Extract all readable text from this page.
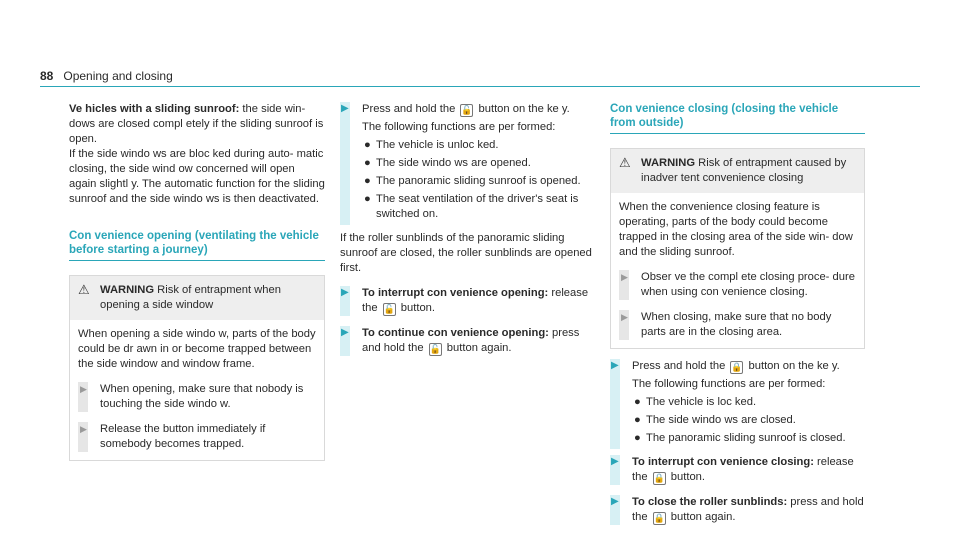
88 Opening and closing

Ve hicles with a sliding sunroof: the side win‐ dows are closed compl etely if the sliding sunroof is open.

If the side windo ws are bloc ked during auto‐ matic closing, the side wind ow concerned will open again slightl y. The automatic function for the sliding sunroof and the side windo ws is then deactivated.

Con venience opening (ventilating the vehicle before starting a journey)
⚠ WARNING Risk of entrapment when opening a side window

When opening a side windo w, parts of the body could be dr awn in or become trapped between the side window and window frame.

▶ When opening, make sure that nobody is touching the side windo w.
▶ Release the button immediately if somebody becomes trapped.
▶ Press and hold the 🔓 button on the ke y.

The following functions are per formed:

● The vehicle is unloc ked.
● The side windo ws are opened.
● The panoramic sliding sunroof is opened.
● The seat ventilation of the driver's seat is switched on.

If the roller sunblinds of the panoramic sliding sunroof are closed, the roller sunblinds are opened first.

▶ To interrupt con venience opening: release the 🔓 button.

▶ To continue con venience opening: press and hold the 🔓 button again.

Con venience closing (closing the vehicle from outside)
⚠ WARNING Risk of entrapment caused by inadver tent convenience closing

When the convenience closing feature is operating, parts of the body could become trapped in the closing area of the side win‐ dow and the sliding sunroof.

▶ Obser ve the compl ete closing proce‐ dure when using con venience closing.
▶ When closing, make sure that no body parts are in the closing area.
▶ Press and hold the 🔒 button on the ke y.

The following functions are per formed:

● The vehicle is loc ked.
● The side windo ws are closed.
● The panoramic sliding sunroof is closed.
▶ To interrupt con venience closing: release the 🔒 button.

▶ To close the roller sunblinds: press and hold the 🔒 button again.
